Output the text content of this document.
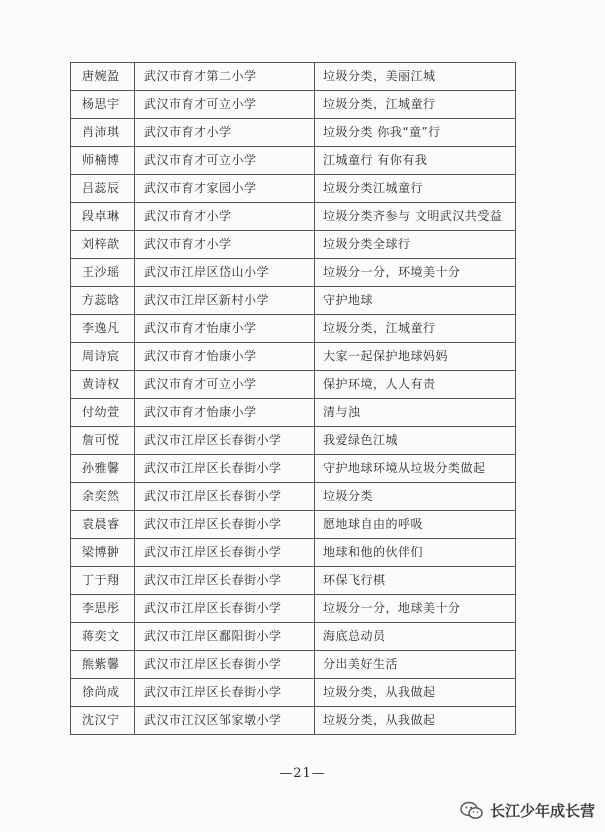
唐婉盈	武汉市育才第二小学	垃圾分类，美丽江城
杨思宇	武汉市育才可立小学	垃圾分类，江城童行
肖沛琪	武汉市育才小学	垃圾分类 你我“童”行
师楠博	武汉市育才可立小学	江城童行 有你有我
吕蕊辰	武汉市育才家园小学	垃圾分类江城童行
段卓琳	武汉市育才小学	垃圾分类齐参与 文明武汉共受益
刘梓歆	武汉市育才小学	垃圾分类全球行
王沙瑶	武汉市江岸区岱山小学	垃圾分一分，环境美十分
方蕊晗	武汉市江岸区新村小学	守护地球
李逸凡	武汉市育才怡康小学	垃圾分类，江城童行
周诗宸	武汉市育才怡康小学	大家一起保护地球妈妈
黄诗权	武汉市育才可立小学	保护环境，人人有责
付幼萱	武汉市育才怡康小学	清与浊
詹可悦	武汉市江岸区长春街小学	我爱绿色江城
孙雅馨	武汉市江岸区长春街小学	守护地球环境从垃圾分类做起
余奕然	武汉市江岸区长春街小学	垃圾分类
袁晨睿	武汉市江岸区长春街小学	愿地球自由的呼吸
梁博翀	武汉市江岸区长春街小学	地球和他的伙伴们
丁于翔	武汉市江岸区长春街小学	环保飞行棋
李思彤	武汉市江岸区长春街小学	垃圾分一分，地球美十分
蒋奕文	武汉市江岸区鄱阳街小学	海底总动员
熊紫馨	武汉市江岸区长春街小学	分出美好生活
徐尚成	武汉市江岸区长春街小学	垃圾分类，从我做起
沈汉宁	武汉市江汉区邹家墩小学	垃圾分类，从我做起
—21—
长江少年成长营
